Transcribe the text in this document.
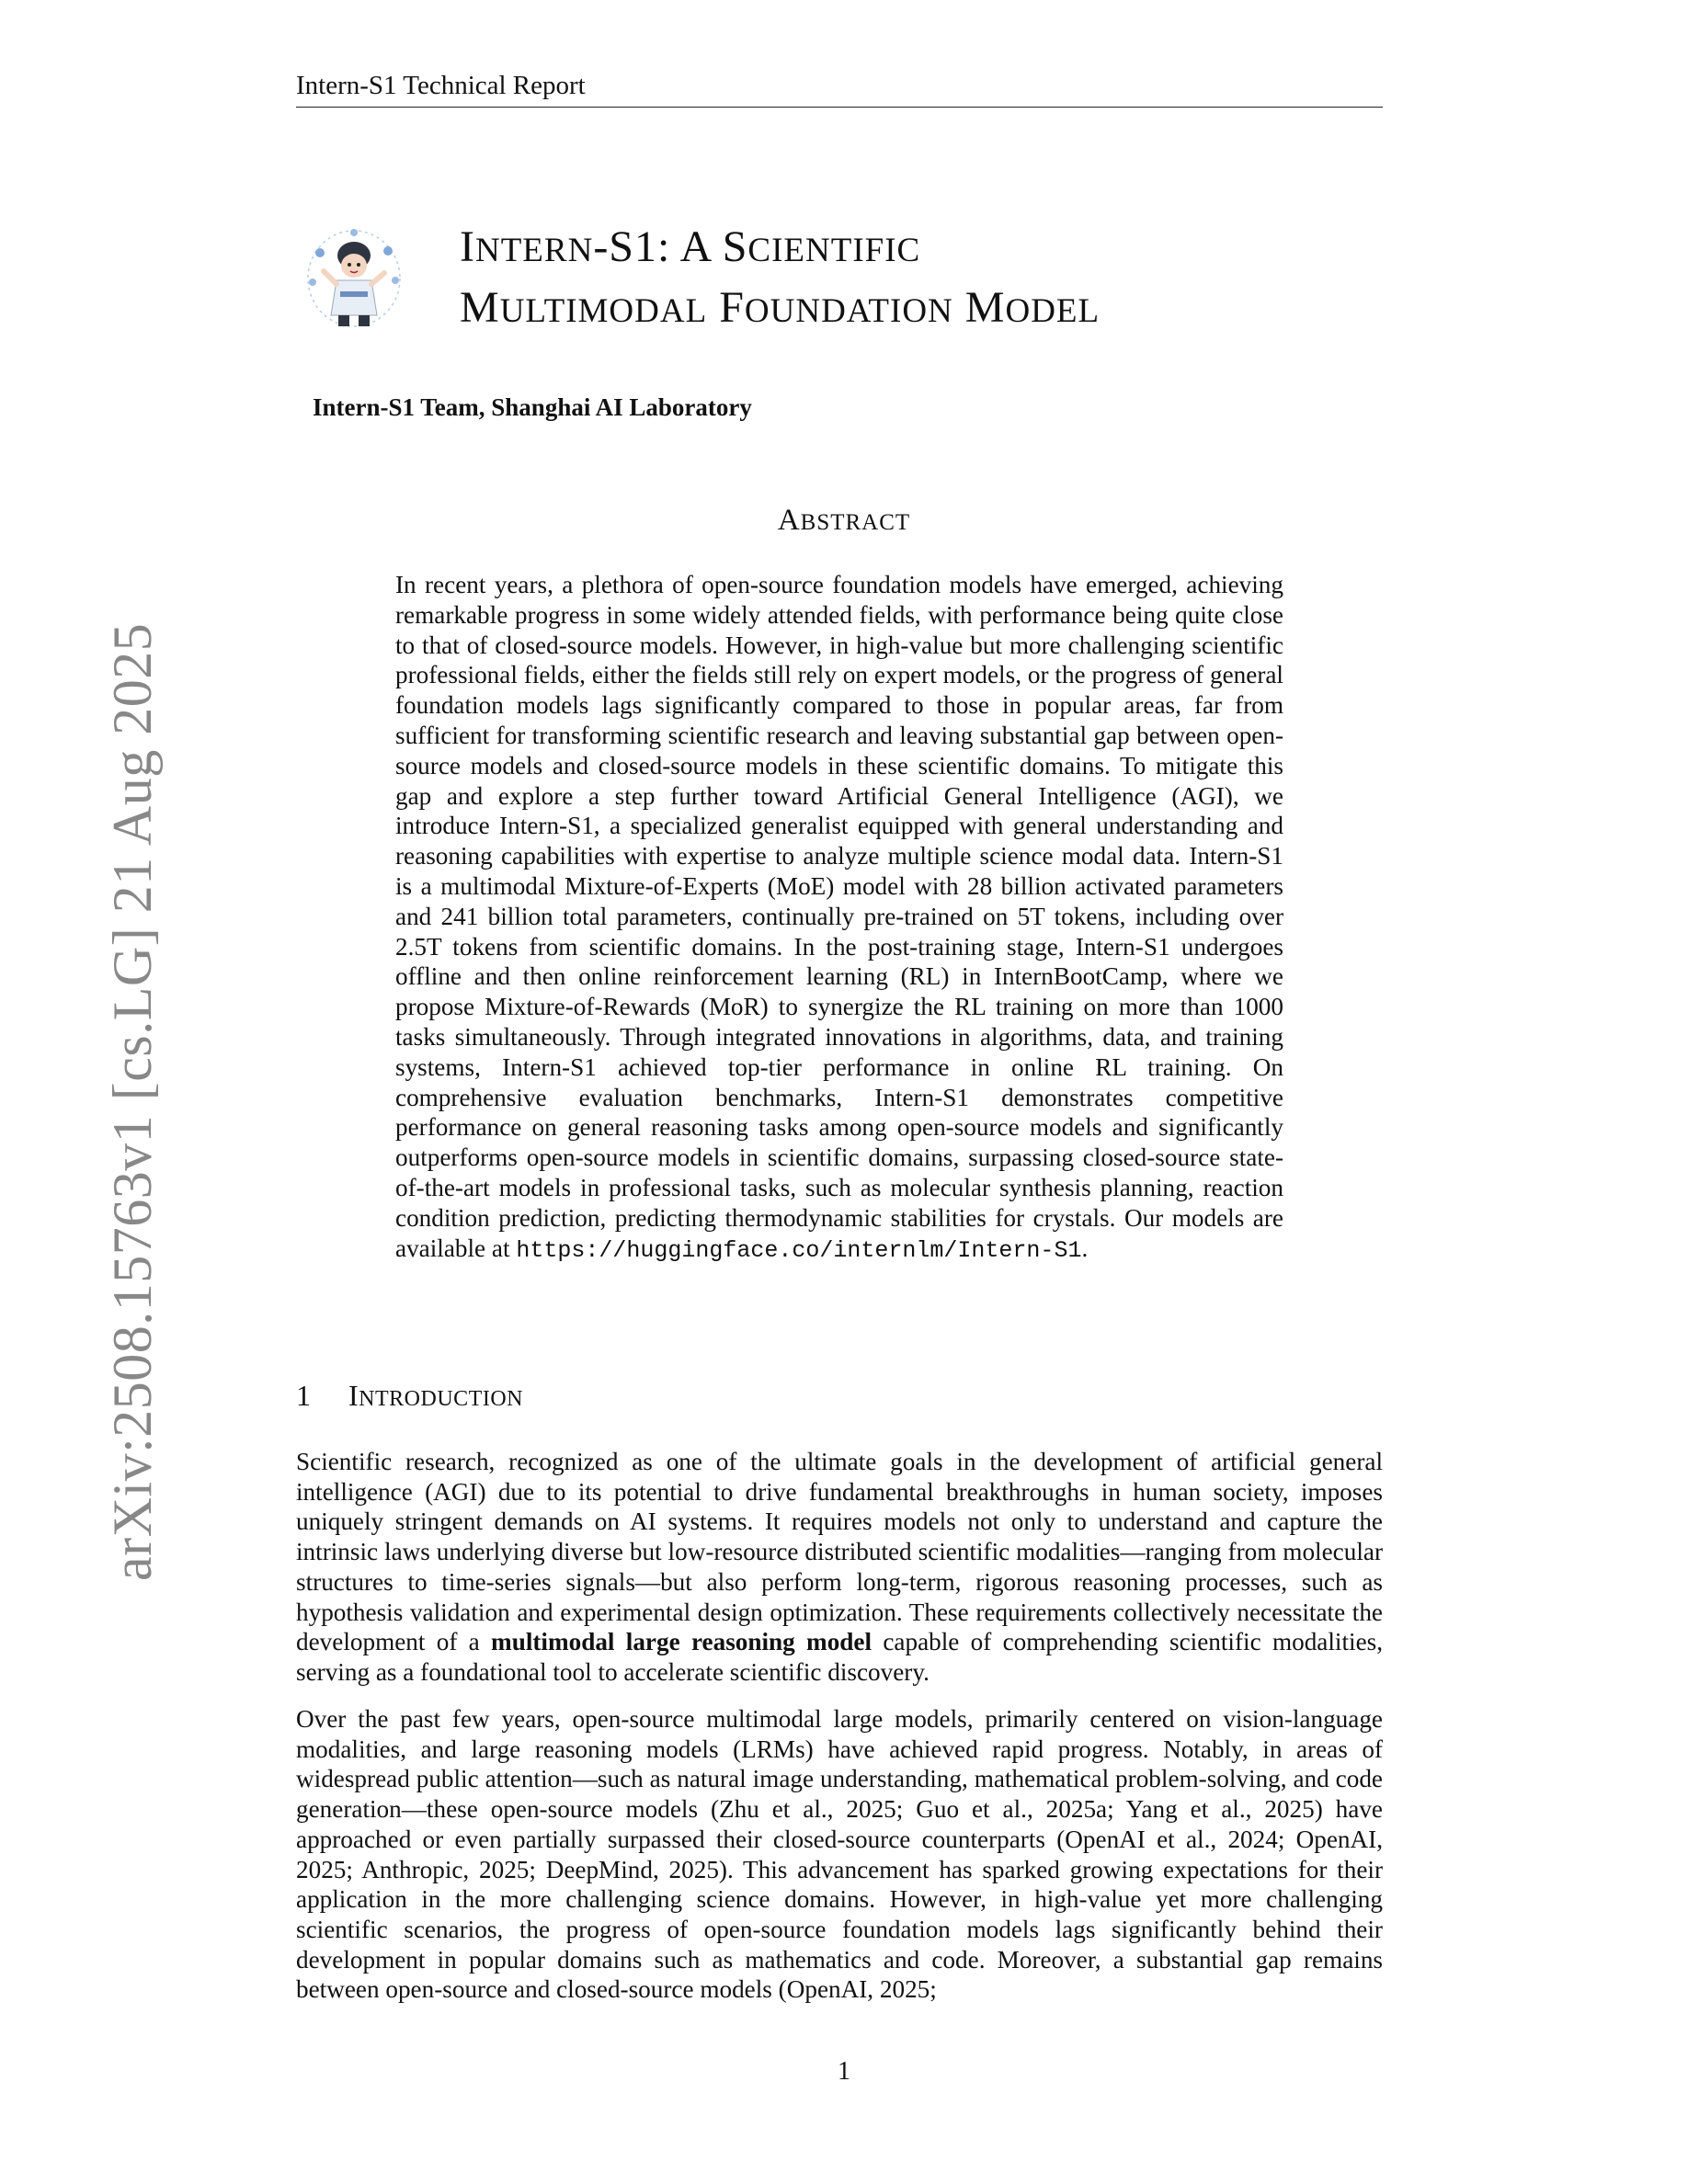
Intern-S1 Technical Report
arXiv:2508.15763v1 [cs.LG] 21 Aug 2025
INTERN-S1: A SCIENTIFIC
MULTIMODAL FOUNDATION MODEL
Intern-S1 Team, Shanghai AI Laboratory
ABSTRACT

In recent years, a plethora of open-source foundation models have emerged, achieving remarkable progress in some widely attended fields, with performance being quite close to that of closed-source models. However, in high-value but more challenging scientific professional fields, either the fields still rely on expert models, or the progress of general foundation models lags significantly compared to those in popular areas, far from sufficient for transforming scientific research and leaving substantial gap between open-source models and closed-source models in these scientific domains. To mitigate this gap and explore a step further toward Artificial General Intelligence (AGI), we introduce Intern-S1, a specialized generalist equipped with general understanding and reasoning capabilities with expertise to analyze multiple science modal data. Intern-S1 is a multimodal Mixture-of-Experts (MoE) model with 28 billion activated parameters and 241 billion total parameters, continually pre-trained on 5T tokens, including over 2.5T tokens from scientific domains. In the post-training stage, Intern-S1 undergoes offline and then online reinforcement learning (RL) in InternBootCamp, where we propose Mixture-of-Rewards (MoR) to synergize the RL training on more than 1000 tasks simultaneously. Through integrated innovations in algorithms, data, and training systems, Intern-S1 achieved top-tier performance in online RL training. On comprehensive evaluation benchmarks, Intern-S1 demonstrates competitive performance on general reasoning tasks among open-source models and significantly outperforms open-source models in scientific domains, surpassing closed-source state-of-the-art models in professional tasks, such as molecular synthesis planning, reaction condition prediction, predicting thermodynamic stabilities for crystals. Our models are available at https://huggingface.co/internlm/Intern-S1.

1 INTRODUCTION

Scientific research, recognized as one of the ultimate goals in the development of artificial general intelligence (AGI) due to its potential to drive fundamental breakthroughs in human society, imposes uniquely stringent demands on AI systems. It requires models not only to understand and capture the intrinsic laws underlying diverse but low-resource distributed scientific modalities—ranging from molecular structures to time-series signals—but also perform long-term, rigorous reasoning processes, such as hypothesis validation and experimental design optimization. These requirements collectively necessitate the development of a multimodal large reasoning model capable of comprehending scientific modalities, serving as a foundational tool to accelerate scientific discovery.

Over the past few years, open-source multimodal large models, primarily centered on vision-language modalities, and large reasoning models (LRMs) have achieved rapid progress. Notably, in areas of widespread public attention—such as natural image understanding, mathematical problem-solving, and code generation—these open-source models (Zhu et al., 2025; Guo et al., 2025a; Yang et al., 2025) have approached or even partially surpassed their closed-source counterparts (OpenAI et al., 2024; OpenAI, 2025; Anthropic, 2025; DeepMind, 2025). This advancement has sparked growing expectations for their application in the more challenging science domains. However, in high-value yet more challenging scientific scenarios, the progress of open-source foundation models lags significantly behind their development in popular domains such as mathematics and code. Moreover, a substantial gap remains between open-source and closed-source models (OpenAI, 2025;

1
